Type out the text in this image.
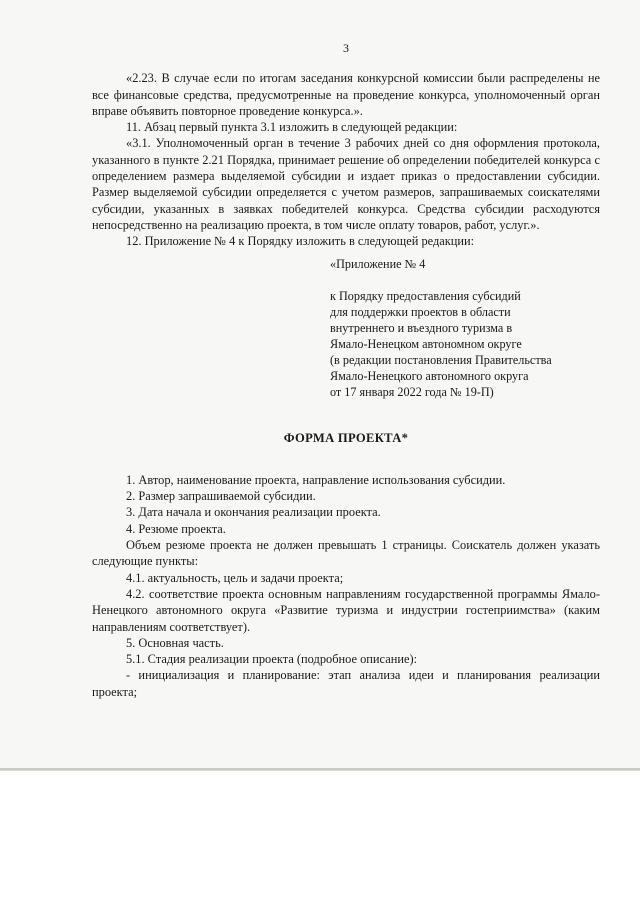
3

«2.23. В случае если по итогам заседания конкурсной комиссии были распределены не все финансовые средства, предусмотренные на проведение конкурса, уполномоченный орган вправе объявить повторное проведение конкурса.».

11. Абзац первый пункта 3.1 изложить в следующей редакции:

«3.1. Уполномоченный орган в течение 3 рабочих дней со дня оформления протокола, указанного в пункте 2.21 Порядка, принимает решение об определении победителей конкурса с определением размера выделяемой субсидии и издает приказ о предоставлении субсидии. Размер выделяемой субсидии определяется с учетом размеров, запрашиваемых соискателями субсидии, указанных в заявках победителей конкурса. Средства субсидии расходуются непосредственно на реализацию проекта, в том числе оплату товаров, работ, услуг.».

12. Приложение № 4 к Порядку изложить в следующей редакции:

«Приложение № 4
к Порядку предоставления субсидий
для поддержки проектов в области
внутреннего и въездного туризма в
Ямало-Ненецком автономном округе
(в редакции постановления Правительства
Ямало-Ненецкого автономного округа
от 17 января 2022 года № 19-П)
ФОРМА ПРОЕКТА*

1. Автор, наименование проекта, направление использования субсидии.

2. Размер запрашиваемой субсидии.

3. Дата начала и окончания реализации проекта.

4. Резюме проекта.

Объем резюме проекта не должен превышать 1 страницы. Соискатель должен указать следующие пункты:

4.1. актуальность, цель и задачи проекта;

4.2. соответствие проекта основным направлениям государственной программы Ямало-Ненецкого автономного округа «Развитие туризма и индустрии гостеприимства» (каким направлениям соответствует).

5. Основная часть.

5.1. Стадия реализации проекта (подробное описание):

- инициализация и планирование: этап анализа идеи и планирования реализации проекта;
